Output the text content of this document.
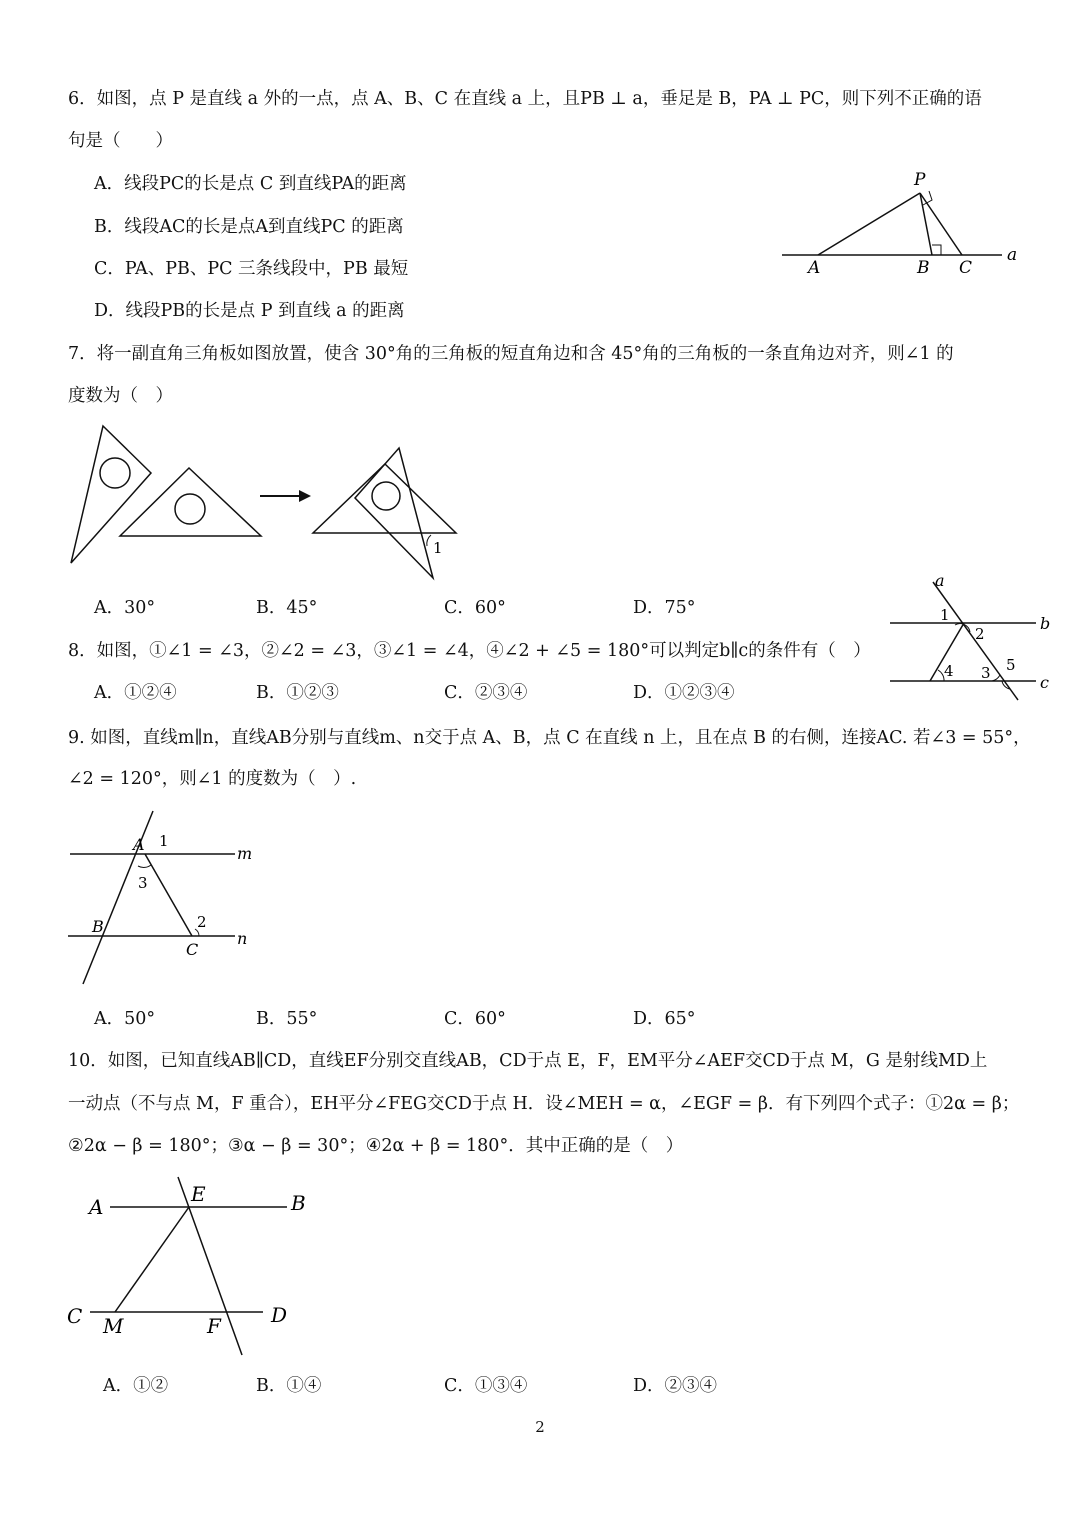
6．如图，点 P 是直线 a 外的一点，点 A、B、C 在直线 a 上，且PB ⊥ a，垂足是 B，PA ⊥ PC，则下列不正确的语
句是（　　）
A．线段PC的长是点 C 到直线PA的距离
B．线段AC的长是点A到直线PC 的距离
C．PA、PB、PC 三条线段中，PB 最短
D．线段PB的长是点 P 到直线 a 的距离
P
A	B C
a
7．将一副直角三角板如图放置，使含 30°角的三角板的短直角边和含 45°角的三角板的一条直角边对齐，则∠1 的
度数为（　）
1
A．30°	B．45°	C．60°	D．75°
8．如图，①∠1 = ∠3，②∠2 = ∠3，③∠1 = ∠4，④∠2 + ∠5 = 180°可以判定b∥c的条件有（　）
A．①②④	B．①②③	C．②③④	D．①②③④
a
b
c
1
2
3
4	5
9. 如图，直线m∥n，直线AB分别与直线m、n交于点 A、B，点 C 在直线 n 上，且在点 B 的右侧，连接AC. 若∠3 = 55°，
∠2 = 120°，则∠1 的度数为（　）.
A 1
m
3
2
B
n
C
A．50°	B．55°	C．60°	D．65°
10．如图，已知直线AB∥CD，直线EF分别交直线AB，CD于点 E，F，EM平分∠AEF交CD于点 M，G 是射线MD上
一动点（不与点 M，F 重合），EH平分∠FEG交CD于点 H．设∠MEH = α，∠EGF = β．有下列四个式子：①2α = β；
②2α − β = 180°；③α − β = 30°；④2α + β = 180°．其中正确的是（　）
A
E	B
C M	F	D
A．①②	B．①④	C．①③④	D．②③④
2
